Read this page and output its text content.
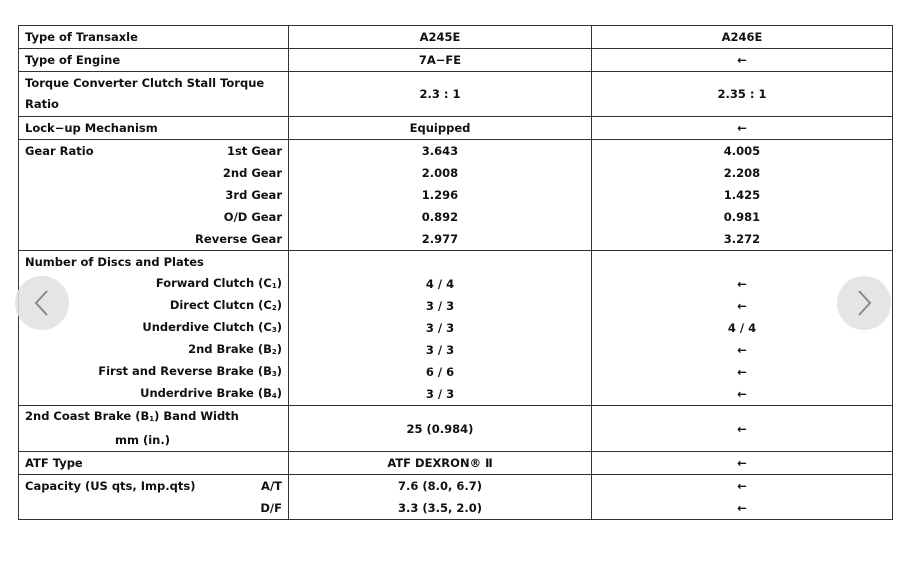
Type of Transaxle	A245E	A246E
Type of Engine	7A−FE	←

Torque Converter Clutch Stall Torque
Ratio	2.3 : 1	2.35 : 1
Lock−up Mechanism	Equipped	←

Gear Ratio 1st Gear	3.643	4.005
2nd Gear	2.008	2.208
3rd Gear	1.296	1.425
O/D Gear	0.892	0.981
Reverse Gear	2.977	3.272
Number of Discs and Plates		
Forward Clutch (C1)	4 / 4	←
Direct Clutcn (C2)	3 / 3	←
Underdive Clutch (C3)	3 / 3	4 / 4
2nd Brake (B2)	3 / 3	←
First and Reverse Brake (B3)	6 / 6	←
Underdrive Brake (B4)	3 / 3	←

2nd Coast Brake (B1) Band Width
mm (in.)	25 (0.984)	←
ATF Type	ATF DEXRON® Ⅱ	←

Capacity (US qts, Imp.qts) A/T	7.6 (8.0, 6.7)	←
D/F	3.3 (3.5, 2.0)	←
